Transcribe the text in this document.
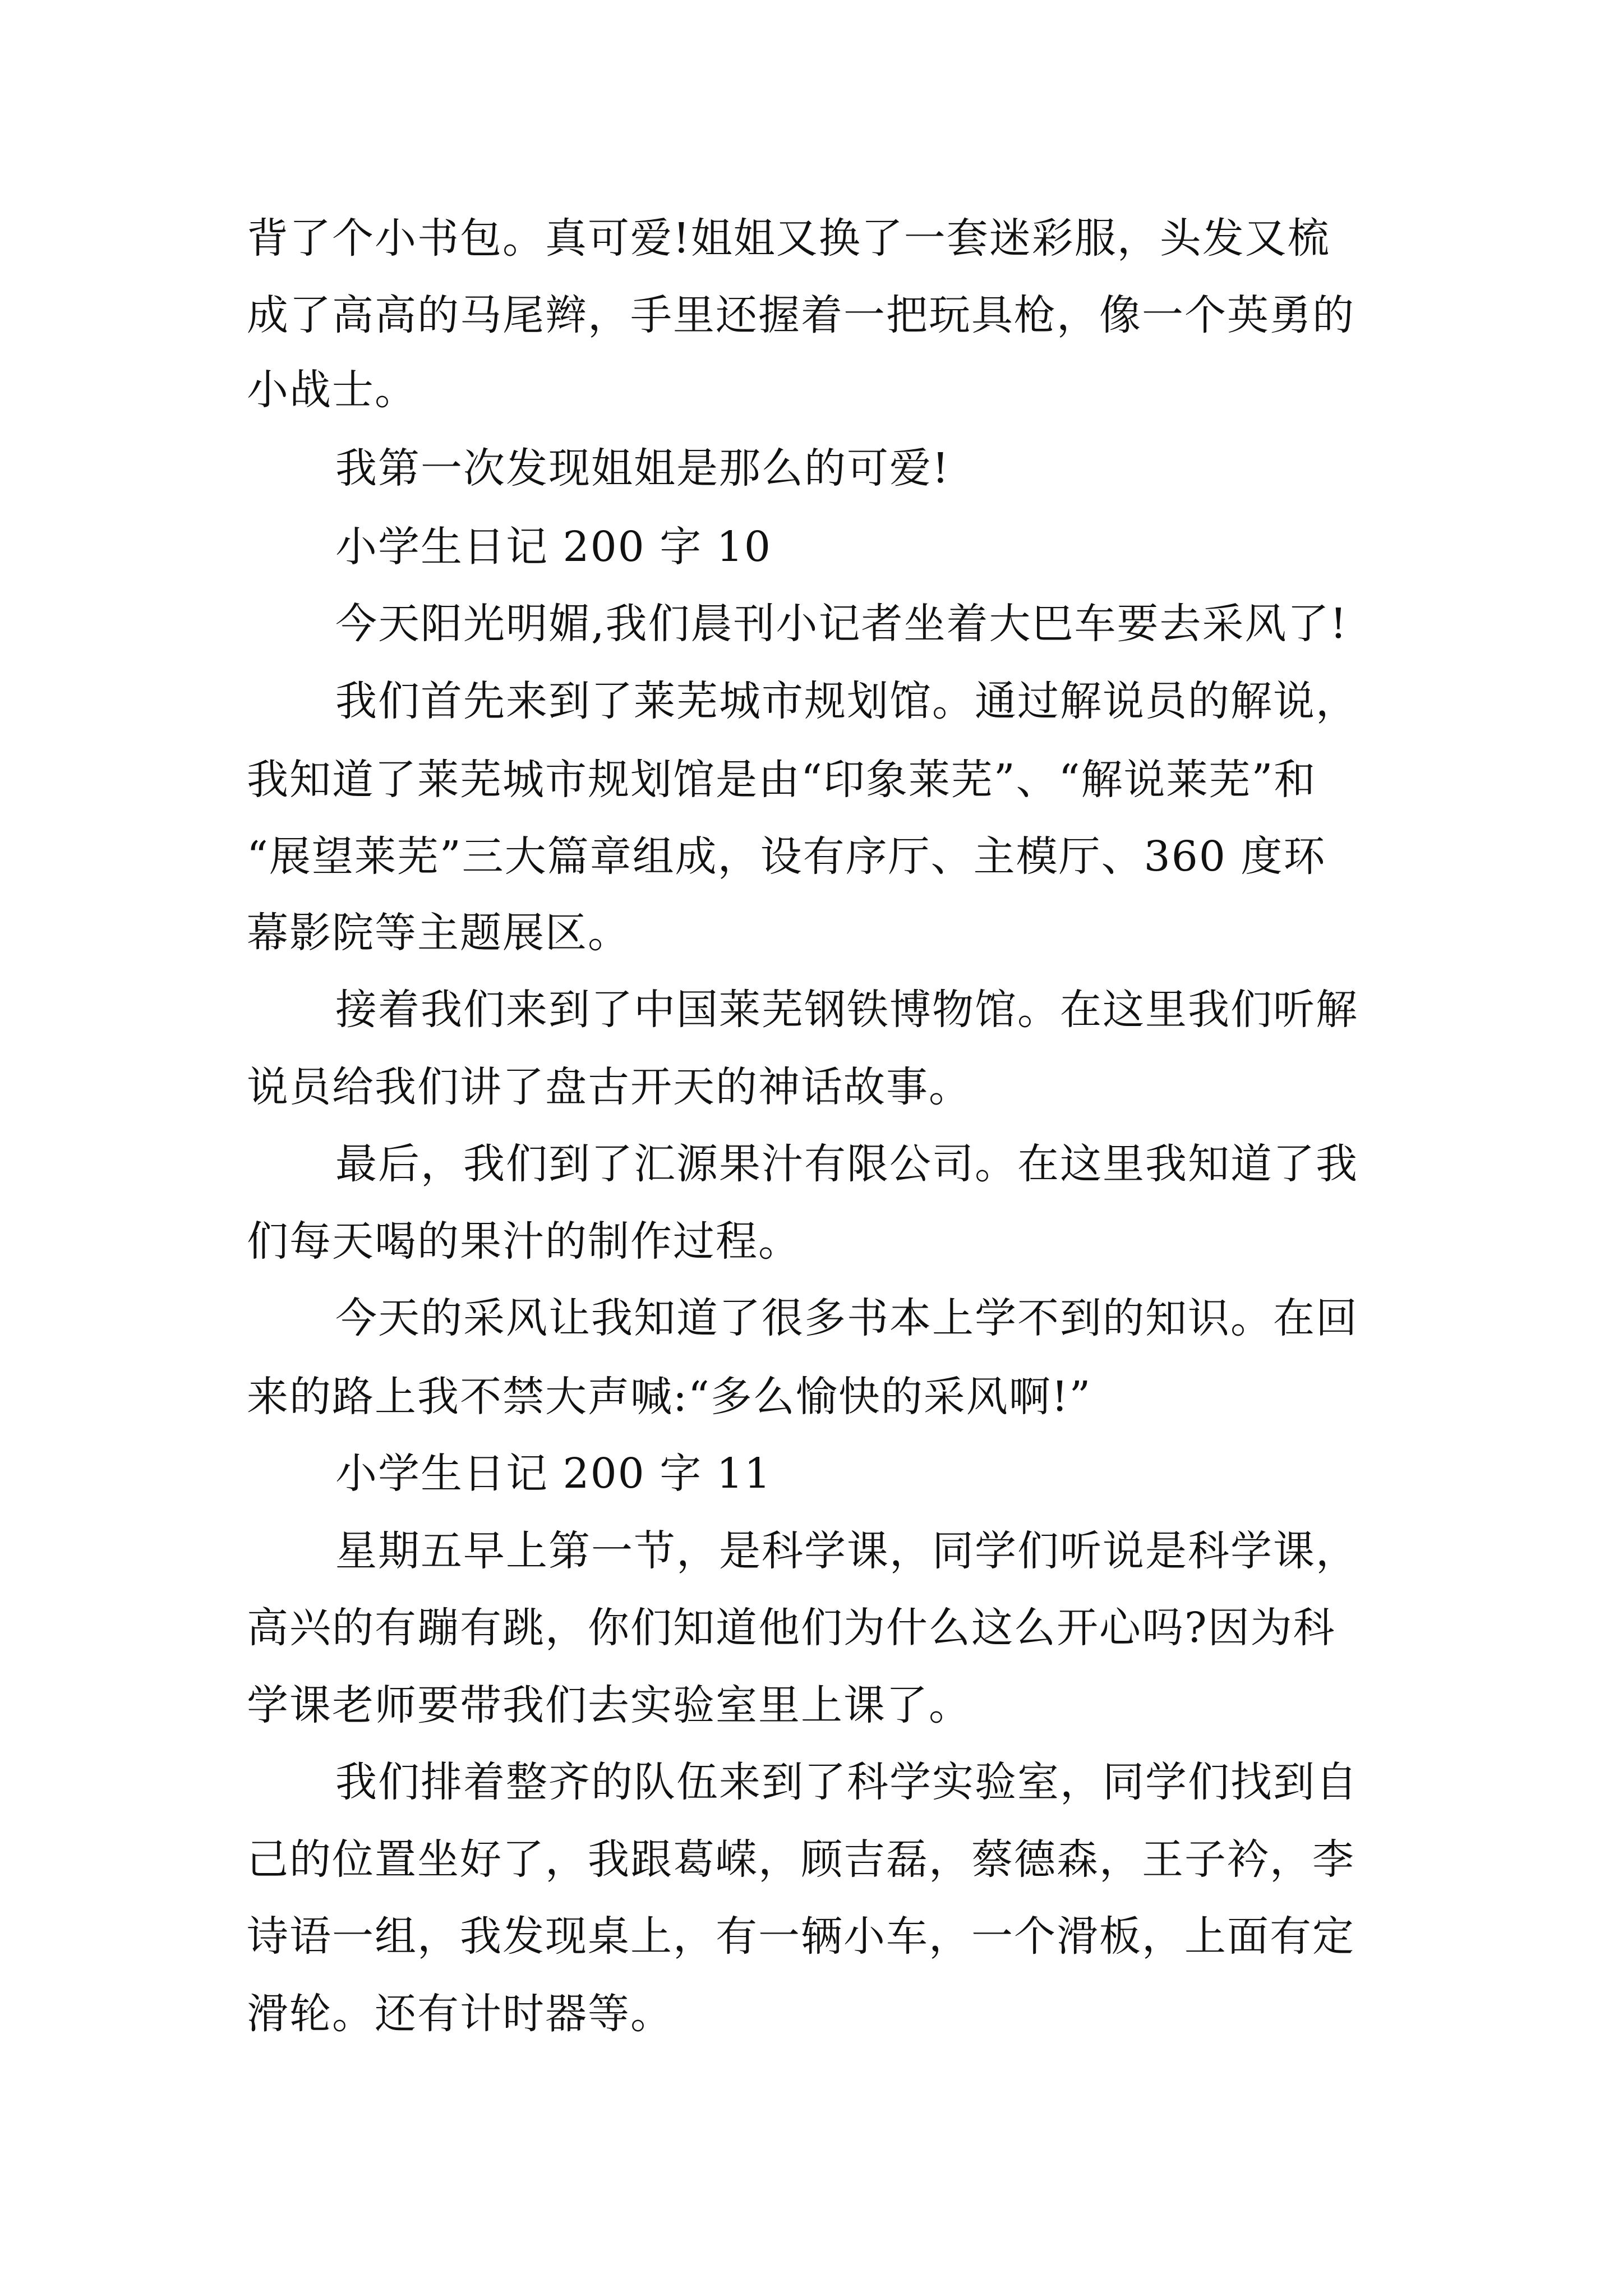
背了个小书包。真可爱!姐姐又换了一套迷彩服，头发又梳
成了高高的马尾辫，手里还握着一把玩具枪，像一个英勇的
小战士。
我第一次发现姐姐是那么的可爱!
小学生日记 200 字 10
今天阳光明媚,我们晨刊小记者坐着大巴车要去采风了!
我们首先来到了莱芜城市规划馆。通过解说员的解说，
我知道了莱芜城市规划馆是由“印象莱芜”、“解说莱芜”和
“展望莱芜”三大篇章组成，设有序厅、主模厅、360 度环
幕影院等主题展区。
接着我们来到了中国莱芜钢铁博物馆。在这里我们听解
说员给我们讲了盘古开天的神话故事。
最后，我们到了汇源果汁有限公司。在这里我知道了我
们每天喝的果汁的制作过程。
今天的采风让我知道了很多书本上学不到的知识。在回
来的路上我不禁大声喊:“多么愉快的采风啊!”
小学生日记 200 字 11
星期五早上第一节，是科学课，同学们听说是科学课，
高兴的有蹦有跳，你们知道他们为什么这么开心吗?因为科
学课老师要带我们去实验室里上课了。
我们排着整齐的队伍来到了科学实验室，同学们找到自
己的位置坐好了，我跟葛嵘，顾吉磊，蔡德森，王子衿，李
诗语一组，我发现桌上，有一辆小车，一个滑板，上面有定
滑轮。还有计时器等。
